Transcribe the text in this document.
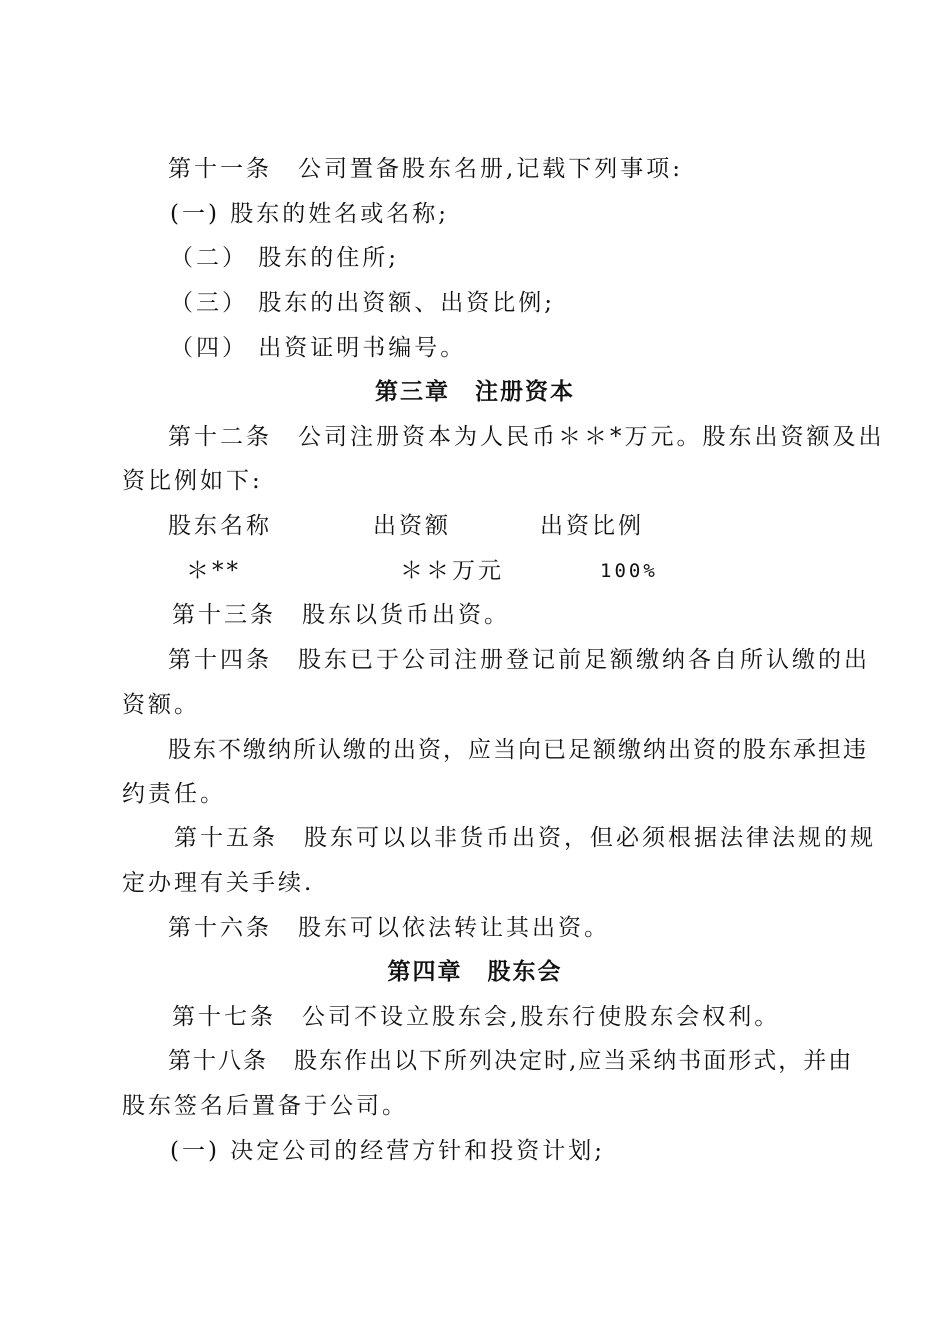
第十一条 公司置备股东名册,记载下列事项:
(一) 股东的姓名或名称;
（二） 股东的住所;
（三） 股东的出资额、出资比例;
（四） 出资证明书编号。
第三章　注册资本
第十二条 公司注册资本为人民币＊＊*万元。股东出资额及出
资比例如下:
股东名称	出资额	出资比例
＊**	＊＊万元	100%
第十三条 股东以货币出资。
第十四条 股东已于公司注册登记前足额缴纳各自所认缴的出
资额。
股东不缴纳所认缴的出资，应当向已足额缴纳出资的股东承担违
约责任。
第十五条 股东可以以非货币出资，但必须根据法律法规的规
定办理有关手续.
第十六条 股东可以依法转让其出资。
第四章　股东会
第十七条 公司不设立股东会,股东行使股东会权利。
第十八条 股东作出以下所列决定时,应当采纳书面形式，并由
股东签名后置备于公司。
(一) 决定公司的经营方针和投资计划;
